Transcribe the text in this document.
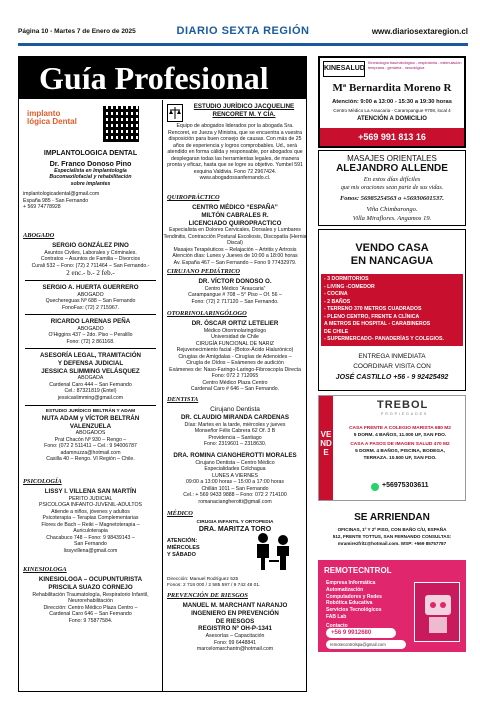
Página 10 - Martes 7 de Enero de 2025	DIARIO SEXTA REGIÓN	www.diariosextaregion.cl
Guía Profesional
implanto lógica Dental
IMPLANTOLOGICA DENTAL
Dr. Franco Donoso Pino
Especialista en Implantología
Bucomaxilofacial y rehabilitación
sobre implantes
implantologicadental@gmail.com
España 985 - San Fernando
+ 569 74778928
ABOGADO
SERGIO GONZÁLEZ PINO
Asuntos Civiles, Laborales y Criminales.
Contratos – Asuntos de Familia – Divorcios
Curali 532 – Fono: (72) 2 711464 – San Fernando.-
2 enc.- b.- 2 feb.-
SERGIO A. HUERTA GUERRERO
ABOGADO
Quechereguas Nº 688 – San Fernando
FonoFax: (72) 2 715967.
RICARDO LARENAS PEÑA
ABOGADO
O'Higgins 437 – 2do. Piso – Peralillo
Fono: (72) 2 861168.
ASESORÍA LEGAL, TRAMITACIÓN
Y DEFENSA JUDICIAL
JESSICA SLIMMING VELÁSQUEZ
ABOGADA
Cardenal Caro 444 – San Fernando
Cel.: 87321819 (Entel)
jessicaslimming@gmail.com
ESTUDIO JURÍDICO BELTRÁN Y ADAM
NUTA ADAM y VÍCTOR BELTRÁN
VALENZUELA
ABOGADOS
Prat Chacón Nº 930 – Rengo –
Fono: (072 2 511411 – Cel.: 9 94006787
adamnuzza@hotmail.com
Casilla 40 – Rengo. VI Región – Chile.
PSICOLOGÍA
LISSY I. VILLENA SAN MARTÍN
PERITO JUDICIAL
PSICOLOGA INFANTO-JUVENIL-ADULTOS
Atiende a niños, jóvenes y adultos
Psicoterapia – Terapias Complementarias
Flores de Bach – Reiki – Magnetoterapia –
Auriculoterapia
Chacabuco 748 – Fono: 9 98439143 –
San Fernando
lissyvillena@gmail.com
KINESIOLOGA
KINESIOLOGA – OCUPUNTURISTA
PRISCILA SUAZO CORNEJO
Rehabilitación Traumatología, Respiratorio Infantil,
Neurorehabilitación
Dirección: Centro Médico Plaza Centro –
Cardenal Caro 646 – San Fernando
Fono: 9 75877584.
ESTUDIO JURÍDICO JACQUELINE
RENCORET M. Y CÍA.
Equipo de abogados liderados por la abogada Sra. Rencoret, ex Jueza y Ministra, que se encuentra a vuestra disposición para buen consejo de causas. Con más de 25 años de experiencia y logros comprobables. Ud., será atendido en forma cálida y responsable, por abogados que desplegaran todas las herramientas legales, de manera pronta y eficaz, hasta que se logre su objetivo. Yumbel 591 esquina Valdivia. Fono 72 2967424. www.abogadossanfernando.cl.
QUIROPRÁCTICO
CENTRO MÉDICO “ESPAÑA”
MILTÓN CABRALES R.
LICENCIADO QUIROPRACTICO
Especialista en Dolores Cervicales, Dorsales y Lumbares
Tendinitis, Contracción Postural Escoliosis, Discopatía (Hernia Discal)
Masajes Terapéuticos – Relajación – Artritis y Artrosis
Atención días: Lunes y Jueves de 10:00 a 18:00 horas
Av. España 467 – San Fernando – Fono 9 77432979.
CIRUJANO PEDIÁTRICO
DR. VÍCTOR DONOSO O.
Centro Médico “Araucaria”
Carampangue # 708 – 5° Piso – Of. 56 –
Fono: (72) 2 717120 – San Fernando.
OTORRINOLARINGÓLOGO
DR. ÓSCAR ORTIZ LETELIER
Médico Otorrinolaringólogo
Universidad de Chile
CIRUGÍA FUNCIONAL DE NARIZ
Rejuvenecimiento facial -(Botox-Ácido Hialurónico)
Cirugías de Amígdalas - Cirugías de Adenoides –
Cirugía de Oídos – Exámenes de audición
Exámenes de: Naso-Faringo-Laringo-Fibroscopía Directa
Fono: 072 2 712065
Centro Médico Plaza Centro
Cardenal Caro # 646 – San Fernando.
DENTISTA
Cirujano Dentista
DR. CLAUDIO MIRANDA CARDENAS
Días: Martes en la tarde, miércoles y jueves
Monseñor Félix Cabrera 62 Of. 3 B
Providencia – Santiago
Fono: 2319601 – 2318630.
DRA. ROMINA CIANGHEROTTI MORALES
Cirujano Dentista – Centro Médico
Especialidades Colchagua
LUNES A VIERNES
09:00 a 13:00 horas – 15:00 a 17:00 horas
Chillán 1011 – San Fernando
Cel.: + 569 9433 9888 – Fono: 072 2 714100
romanaciangherotti@gmail.com
MÉDICO
CIRUGIA INFANTIL Y ORTOPEDIA
DRA. MARITZA TORO
ATENCIÓN:
MIÉRCOLES
Y SÁBADO
Dirección: Manuel Rodríguez 525
Fonos: 2 718 000 / 2 585 597 / 9 742 48 01.
PREVENCIÓN DE RIESGOS
MANUEL M. MARCHANT NARANJO
INGENIERO EN PREVENCIÓN
DE RIESGOS
REGISTRO Nº OH-P-1341
Asesorías – Capacitación
Fono: 99 6448841
marcelomarchantn@hotmail.com
KINESALUD
Kinesiología traumatológica - respiratoria - estimulación temprana - geriatría - neurológica
Mª Bernardita Moreno R
Atención: 9:00 a 13:00 - 15:30 a 19:30 horas
Centro Médico La Araucaria - Carampangue #708, local 4
ATENCIÓN A DOMICILIO
+569 991 813 16
MASAJES ORIENTALES
ALEJANDRO ALLENDE
En estos días difíciles
que mis oraciones sean parte de sus vidas.
Fonos: 56985254563 o +56930601537.
Viña Chimbarongo.
Villa Miraflores. Angamos 19.
VENDO CASA
EN NANCAGUA
- 3 DORMITORIOS
- LIVING -COMEDOR
- COCINA
- 2 BAÑOS
- TERRENO 370 METROS CUADRADOS
- PLENO CENTRO, FRENTE A CLÍNICA
A METROS DE HOSPITAL - CARABINEROS
DE CHILE
- SUPERMERCADO- PANADERÍAS Y COLEGIOS.
ENTREGA INMEDIATA
COORDINAR VISITA CON
JOSÉ CASTILLO +56 - 9 92425492
VENDE
TREBOL
PROPIEDADES
CASA FRENTE A COLEGIO MARISTA 680 M2
5 DORM. 4 BAÑOS, 11.000 UF, SAN FDO.
CASA A PASOS DE IMAGEN SALUD 470 M2
5 DORM. 4 BAÑOS, PISCINA, BODEGA,
TERRAZA. 10.500 UF, SAN FDO.
+56975303611
SE ARRIENDAN
OFICINAS, 1º Y 2º PISO, CON BAÑO C/U, ESPAÑA
512, FRENTE TOTTUS, SAN FERNANDO CONSULTAS:
mramirezfritz@hotmail.com. WSP: +569 85757787
REMOTECNTROL
Empresa Informática
Automatización
Computadores y Redes
Robótica Educativa
Servicios Tecnológicos
FAB Lab
Contacto
+56 9 9912680
remotecontrolspa@gmail.com
